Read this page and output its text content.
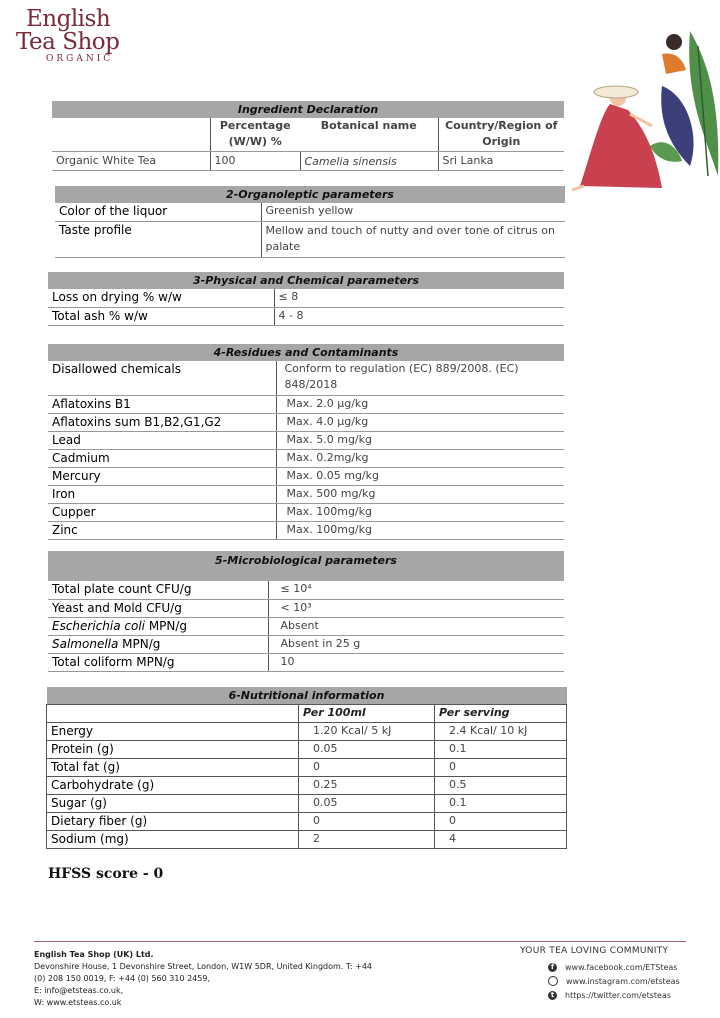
English
Tea Shop
ORGANIC
Ingredient Declaration			
	Percentage (W/W) %	Botanical name	Country/Region of Origin
Organic White Tea	100	Camelia sinensis	Sri Lanka
2-Organoleptic parameters	
Color of the liquor	Greenish yellow
Taste profile	Mellow and touch of nutty and over tone of citrus on palate
3-Physical and Chemical parameters	
Loss on drying % w/w	≤ 8
Total ash % w/w	4 - 8
4-Residues and Contaminants	
Disallowed chemicals	Conform to regulation (EC) 889/2008. (EC) 848/2018
Aflatoxins B1	Max. 2.0 μg/kg
Aflatoxins sum B1,B2,G1,G2	Max. 4.0 μg/kg
Lead	Max. 5.0 mg/kg
Cadmium	Max. 0.2mg/kg
Mercury	Max. 0.05 mg/kg
Iron	Max. 500 mg/kg
Cupper	Max. 100mg/kg
Zinc	Max. 100mg/kg
5-Microbiological parameters	
Total plate count CFU/g	≤ 10⁴
Yeast and Mold CFU/g	< 10³
Escherichia coli MPN/g	Absent
Salmonella MPN/g	Absent in 25 g
Total coliform MPN/g	10
6-Nutritional information		
	Per 100ml	Per serving
Energy	1.20 Kcal/ 5 kJ	2.4 Kcal/ 10 kJ
Protein (g)	0.05	0.1
Total fat (g)	0	0
Carbohydrate (g)	0.25	0.5
Sugar (g)	0.05	0.1
Dietary fiber (g)	0	0
Sodium (mg)	2	4
HFSS score - 0
English Tea Shop (UK) Ltd.
Devonshire House, 1 Devonshire Street, London, W1W 5DR, United Kingdom. T: +44 (0) 208 150 0019, F: +44 (0) 560 310 2459,
E: info@etsteas.co.uk,
W: www.etsteas.co.uk
YOUR TEA LOVING COMMUNITY
f	www.facebook.com/ETSteas
www.instagram.com/etsteas
t	https://twitter.com/etsteas
